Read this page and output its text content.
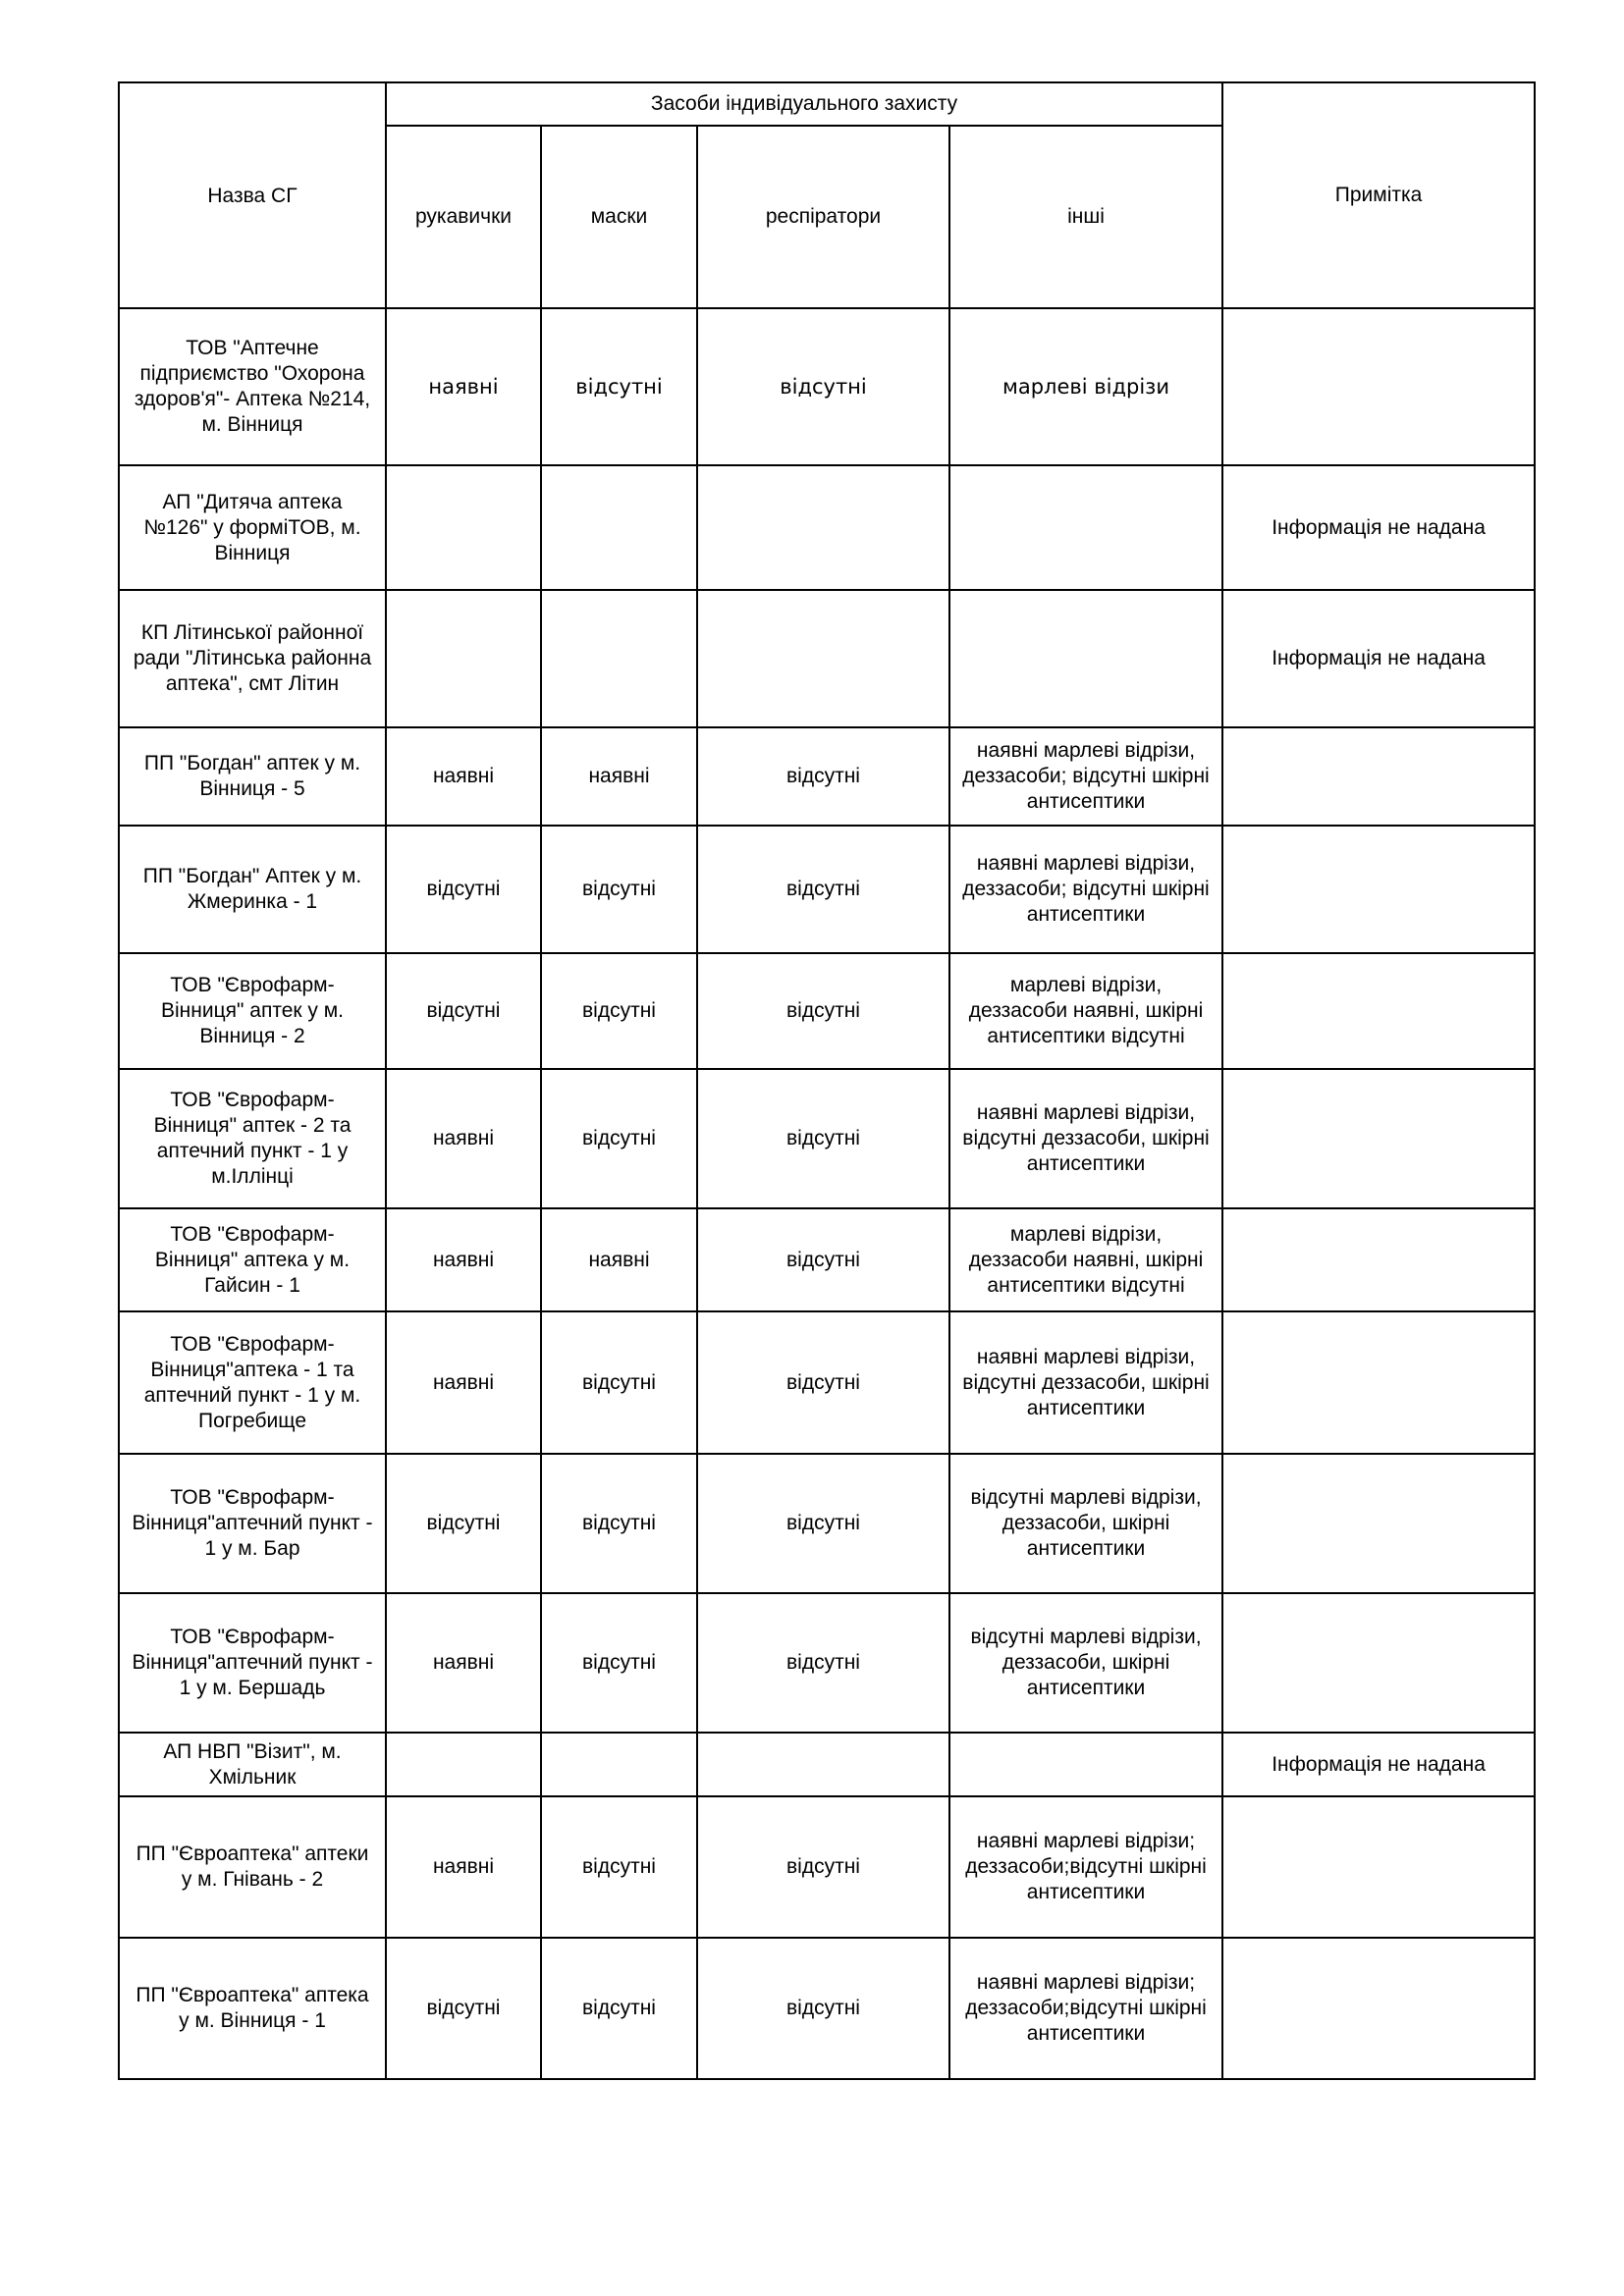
Назва СГ	Засоби індивідуального захисту				Примітка
	рукавички	маски	респіратори	інші	
ТОВ "Аптечне підприємство "Охорона здоров'я"- Аптека №214, м. Вінниця	наявні	відсутні	відсутні	марлеві відрізи	
АП "Дитяча аптека №126" у форміТОВ, м. Вінниця					Інформація не надана
КП Літинської районної ради "Літинська районна аптека", смт Літин					Інформація не надана
ПП "Богдан" аптек у м. Вінниця - 5	наявні	наявні	відсутні	наявні марлеві відрізи, деззасоби; відсутні шкірні антисептики	
ПП "Богдан" Аптек у м. Жмеринка - 1	відсутні	відсутні	відсутні	наявні марлеві відрізи, деззасоби; відсутні шкірні антисептики	
ТОВ "Єврофарм-Вінниця" аптек у м. Вінниця - 2	відсутні	відсутні	відсутні	марлеві відрізи, деззасоби наявні, шкірні антисептики відсутні	
ТОВ "Єврофарм-Вінниця" аптек - 2 та аптечний пункт - 1 у м.Іллінці	наявні	відсутні	відсутні	наявні марлеві відрізи, відсутні деззасоби, шкірні антисептики	
ТОВ "Єврофарм-Вінниця" аптека у м. Гайсин - 1	наявні	наявні	відсутні	марлеві відрізи, деззасоби наявні, шкірні антисептики відсутні	
ТОВ "Єврофарм-Вінниця"аптека - 1 та аптечний пункт - 1 у м. Погребище	наявні	відсутні	відсутні	наявні марлеві відрізи, відсутні деззасоби, шкірні антисептики	
ТОВ "Єврофарм-Вінниця"аптечний пункт - 1 у м. Бар	відсутні	відсутні	відсутні	відсутні марлеві відрізи, деззасоби, шкірні антисептики	
ТОВ "Єврофарм-Вінниця"аптечний пункт - 1 у м. Бершадь	наявні	відсутні	відсутні	відсутні марлеві відрізи, деззасоби, шкірні антисептики	
АП НВП "Візит", м. Хмільник					Інформація не надана
ПП "Євроаптека" аптеки у м. Гнівань - 2	наявні	відсутні	відсутні	наявні марлеві відрізи; деззасоби;відсутні шкірні антисептики	
ПП "Євроаптека" аптека у м. Вінниця - 1	відсутні	відсутні	відсутні	наявні марлеві відрізи; деззасоби;відсутні шкірні антисептики	
